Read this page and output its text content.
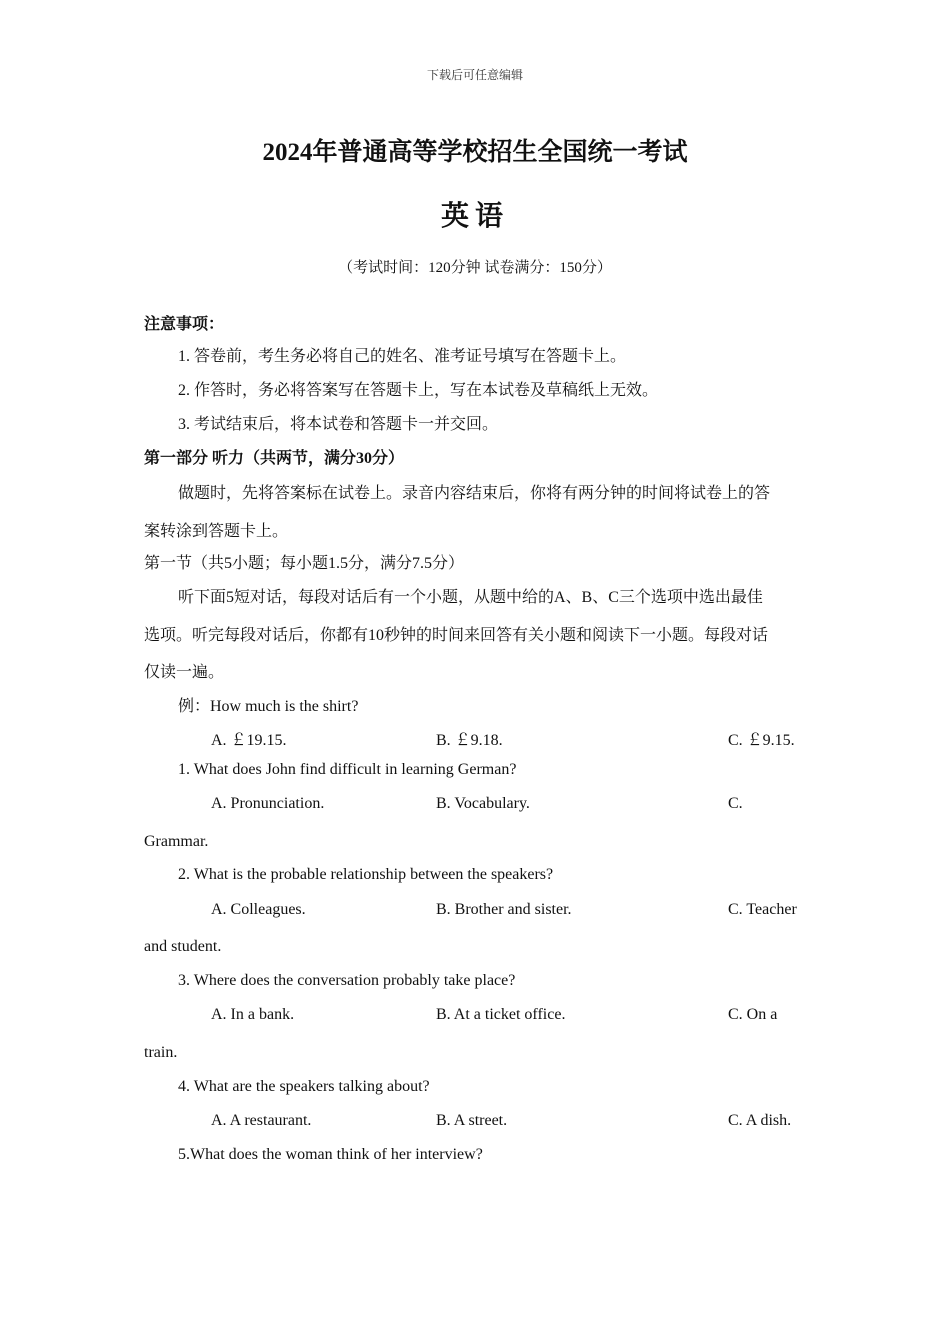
下载后可任意编辑
2024年普通高等学校招生全国统一考试
英语
（考试时间：120分钟 试卷满分：150分）
注意事项：
1. 答卷前，考生务必将自己的姓名、准考证号填写在答题卡上。
2. 作答时，务必将答案写在答题卡上，写在本试卷及草稿纸上无效。
3. 考试结束后，将本试卷和答题卡一并交回。
第一部分 听力（共两节，满分30分）
做题时，先将答案标在试卷上。录音内容结束后，你将有两分钟的时间将试卷上的答
案转涂到答题卡上。
第一节（共5小题；每小题1.5分，满分7.5分）
听下面5短对话，每段对话后有一个小题，从题中给的A、B、C三个选项中选出最佳
选项。听完每段对话后，你都有10秒钟的时间来回答有关小题和阅读下一小题。每段对话
仅读一遍。
例：How much is the shirt?
A. ￡19.15.	B. ￡9.18.	C. ￡9.15.
1. What does John find difficult in learning German?
A. Pronunciation.	B. Vocabulary.	C.
Grammar.
2. What is the probable relationship between the speakers?
A. Colleagues.	B. Brother and sister.	C. Teacher
and student.
3. Where does the conversation probably take place?
A. In a bank.	B. At a ticket office.	C. On a
train.
4. What are the speakers talking about?
A. A restaurant.	B. A street.	C. A dish.
5.What does the woman think of her interview?
